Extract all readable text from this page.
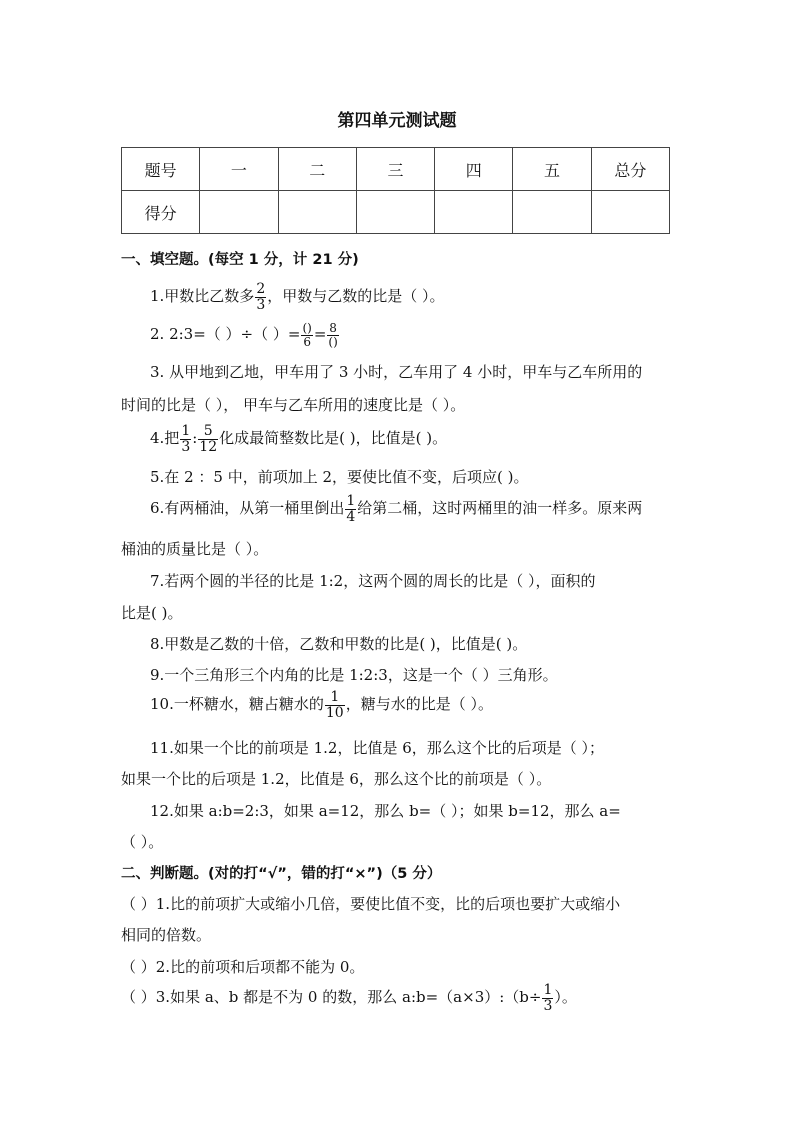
第四单元测试题
题号	一	二	三	四	五	总分
得分						
一、填空题。(每空 1 分，计 21 分)
1.甲数比乙数多 $\frac{2}{3}$ ，甲数与乙数的比是（ ）。
2. 2:3=（ ）÷（ ）= $\frac{()}{6} = \frac{8}{()}$
3. 从甲地到乙地，甲车用了 3 小时，乙车用了 4 小时，甲车与乙车所用的
时间的比是（ ）， 甲车与乙车所用的速度比是（ ）。
4.把 $\frac{1}{3}$ : $\frac{5}{12}$ 化成最简整数比是( )，比值是( )。
5.在 2 ：5 中，前项加上 2，要使比值不变，后项应( )。
6.有两桶油，从第一桶里倒出 $\frac{1}{4}$ 给第二桶，这时两桶里的油一样多。原来两
桶油的质量比是（ ）。
7.若两个圆的半径的比是 1:2，这两个圆的周长的比是（ ），面积的
比是( )。
8.甲数是乙数的十倍，乙数和甲数的比是( )，比值是( )。
9.一个三角形三个内角的比是 1:2:3，这是一个（ ）三角形。
10.一杯糖水，糖占糖水的 $\frac{1}{10}$ ，糖与水的比是（ ）。
11.如果一个比的前项是 1.2，比值是 6，那么这个比的后项是（ ）；
如果一个比的后项是 1.2，比值是 6，那么这个比的前项是（ ）。
12.如果 a:b=2:3，如果 a=12，那么 b=（ ）；如果 b=12，那么 a=
（ ）。
二、判断题。(对的打“√”，错的打“×”)（5 分）
（ ）1.比的前项扩大或缩小几倍，要使比值不变，比的后项也要扩大或缩小
相同的倍数。
（ ）2.比的前项和后项都不能为 0。
（ ）3.如果 a、b 都是不为 0 的数，那么 a:b=（a×3）:（b÷ $\frac{1}{3}$ ）。
